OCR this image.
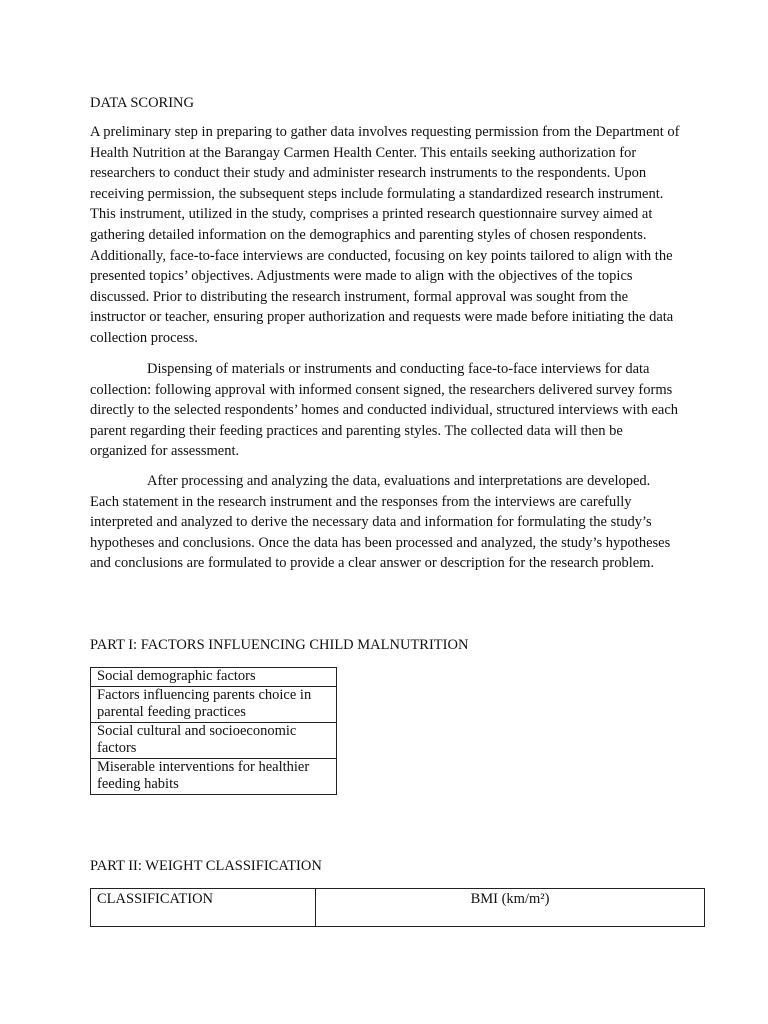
DATA SCORING

A preliminary step in preparing to gather data involves requesting permission from the Department of Health Nutrition at the Barangay Carmen Health Center. This entails seeking authorization for researchers to conduct their study and administer research instruments to the respondents. Upon receiving permission, the subsequent steps include formulating a standardized research instrument. This instrument, utilized in the study, comprises a printed research questionnaire survey aimed at gathering detailed information on the demographics and parenting styles of chosen respondents. Additionally, face-to-face interviews are conducted, focusing on key points tailored to align with the presented topics’ objectives. Adjustments were made to align with the objectives of the topics discussed. Prior to distributing the research instrument, formal approval was sought from the instructor or teacher, ensuring proper authorization and requests were made before initiating the data collection process.

Dispensing of materials or instruments and conducting face-to-face interviews for data collection: following approval with informed consent signed, the researchers delivered survey forms directly to the selected respondents’ homes and conducted individual, structured interviews with each parent regarding their feeding practices and parenting styles. The collected data will then be organized for assessment.

After processing and analyzing the data, evaluations and interpretations are developed. Each statement in the research instrument and the responses from the interviews are carefully interpreted and analyzed to derive the necessary data and information for formulating the study’s hypotheses and conclusions. Once the data has been processed and analyzed, the study’s hypotheses and conclusions are formulated to provide a clear answer or description for the research problem.

PART I: FACTORS INFLUENCING CHILD MALNUTRITION

Social demographic factors
Factors influencing parents choice in parental feeding practices
Social cultural and socioeconomic factors
Miserable interventions for healthier feeding habits

PART II: WEIGHT CLASSIFICATION

CLASSIFICATION	BMI (km/m²)
